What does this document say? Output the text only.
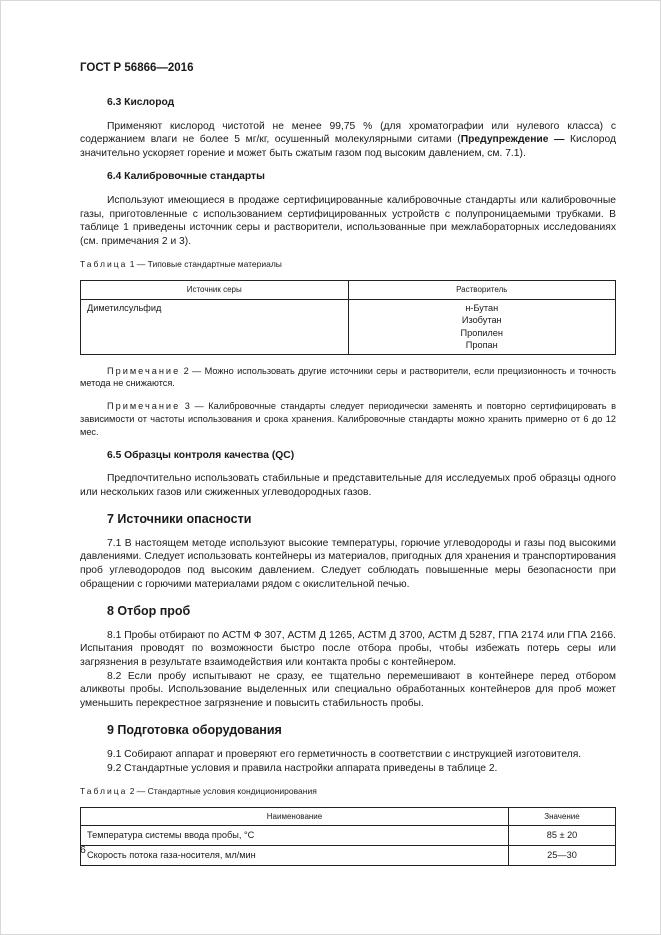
ГОСТ Р 56866—2016
6.3 Кислород
Применяют кислород чистотой не менее 99,75 % (для хроматографии или нулевого класса) с содержанием влаги не более 5 мг/кг, осушенный молекулярными ситами (Предупреждение — Кислород значительно ускоряет горение и может быть сжатым газом под высоким давлением, см. 7.1).
6.4 Калибровочные стандарты
Используют имеющиеся в продаже сертифицированные калибровочные стандарты или калибровочные газы, приготовленные с использованием сертифицированных устройств с полупроницаемыми трубками. В таблице 1 приведены источник серы и растворители, использованные при межлабораторных исследованиях (см. примечания 2 и 3).
Таблица 1 — Типовые стандартные материалы
Источник серы	Растворитель
Диметилсульфид	н-Бутан
Изобутан
Пропилен
Пропан
Примечание 2 — Можно использовать другие источники серы и растворители, если прецизионность и точность метода не снижаются.
Примечание 3 — Калибровочные стандарты следует периодически заменять и повторно сертифицировать в зависимости от частоты использования и срока хранения. Калибровочные стандарты можно хранить примерно от 6 до 12 мес.
6.5 Образцы контроля качества (QC)
Предпочтительно использовать стабильные и представительные для исследуемых проб образцы одного или нескольких газов или сжиженных углеводородных газов.
7 Источники опасности
7.1 В настоящем методе используют высокие температуры, горючие углеводороды и газы под высокими давлениями. Следует использовать контейнеры из материалов, пригодных для хранения и транспортирования проб углеводородов под высоким давлением. Следует соблюдать повышенные меры безопасности при обращении с горючими материалами рядом с окислительной печью.
8 Отбор проб
8.1 Пробы отбирают по АСТМ Ф 307, АСТМ Д 1265, АСТМ Д 3700, АСТМ Д 5287, ГПА 2174 или ГПА 2166. Испытания проводят по возможности быстро после отбора пробы, чтобы избежать потерь серы или загрязнения в результате взаимодействия или контакта пробы с контейнером.
8.2 Если пробу испытывают не сразу, ее тщательно перемешивают в контейнере перед отбором аликвоты пробы. Использование выделенных или специально обработанных контейнеров для проб может уменьшить перекрестное загрязнение и повысить стабильность пробы.
9 Подготовка оборудования
9.1 Собирают аппарат и проверяют его герметичность в соответствии с инструкцией изготовителя.
9.2 Стандартные условия и правила настройки аппарата приведены в таблице 2.
Таблица 2 — Стандартные условия кондиционирования
Наименование	Значение
Температура системы ввода пробы, °C	85 ± 20
Скорость потока газа-носителя, мл/мин	25—30
6
